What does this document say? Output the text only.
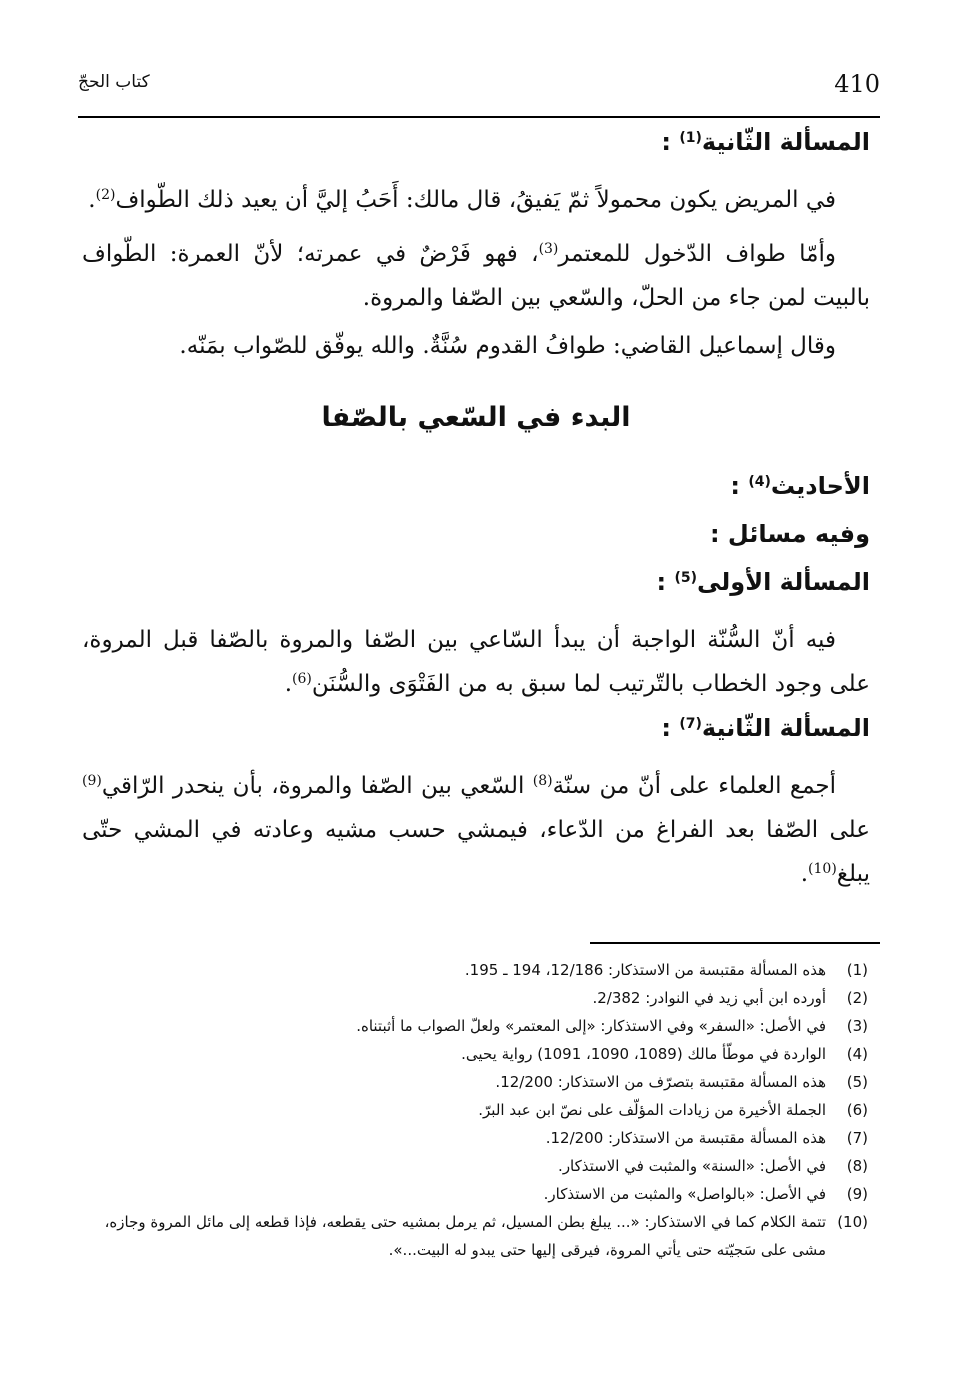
410
كتاب الحجّ

المسألة الثّانية$^{(1)}$ :

في المريض يكون محمولاً ثمّ يَفيقُ، قال مالك: أَحَبُ إليَّ أن يعيد ذلك الطّواف$^{(2)}$.

وأمّا طواف الدّخول للمعتمر$^{(3)}$، فهو فَرْضٌ في عمرته؛ لأنّ العمرة: الطّواف بالبيت لمن جاء من الحلّ، والسّعي بين الصّفا والمروة.

وقال إسماعيل القاضي: طوافُ القدوم سُنَّةٌ. والله يوفّق للصّواب بمَنّه.

البدء في السّعي بالصّفا

الأحاديث$^{(4)}$ :

وفيه مسائل :

المسألة الأولى$^{(5)}$ :

فيه أنّ السُّنّة الواجبة أن يبدأ السّاعي بين الصّفا والمروة بالصّفا قبل المروة، على وجود الخطاب بالتّرتيب لما سبق به من الفَتْوَى والسُّنَن$^{(6)}$.

المسألة الثّانية$^{(7)}$ :

أجمع العلماء على أنّ من سنّة$^{(8)}$ السّعي بين الصّفا والمروة، بأن ينحدر الرّاقي$^{(9)}$ على الصّفا بعد الفراغ من الدّعاء، فيمشي حسب مشيه وعادته في المشي حتّى يبلغ$^{(10)}$.

(1)
هذه المسألة مقتبسة من الاستذكار: 12/186، 194 ـ 195.
(2)
أورده ابن أبي زيد في النوادر: 2/382.
(3)
في الأصل: «السفر» وفي الاستذكار: «إلى المعتمر» ولعلّ الصواب ما أثبتناه.
(4)
الواردة في موطّأ مالك (1089، 1090، 1091) رواية يحيى.
(5)
هذه المسألة مقتبسة بتصرّف من الاستذكار: 12/200.
(6)
الجملة الأخيرة من زيادات المؤلّف على نصّ ابن عبد البرّ.
(7)
هذه المسألة مقتبسة من الاستذكار: 12/200.
(8)
في الأصل: «السنة» والمثبت في الاستذكار.
(9)
في الأصل: «بالواصل» والمثبت من الاستذكار.
(10)
تتمة الكلام كما في الاستذكار: «... يبلغ بطن المسيل، ثم يرمل بمشيه حتى يقطعه، فإذا قطعه إلى مائل المروة وجازه، مشى على سَجيّته حتى يأتي المروة، فيرقى إليها حتى يبدو له البيت...».
